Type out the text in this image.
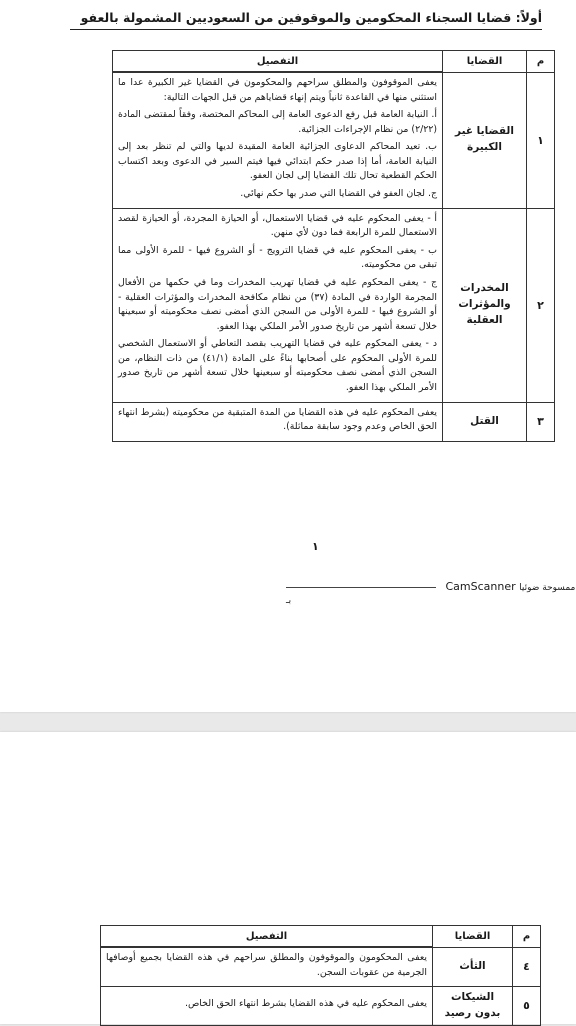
أولاً: قضايا السجناء المحكومين والموقوفين من السعوديين المشمولة بالعفو
م	القضايا	التفصيل
١	القضايا غير الكبيرة	يعفى الموقوفون والمطلق سراحهم والمحكومون في القضايا غير الكبيرة عدا ما استثني منها في القاعدة ثانياً ويتم إنهاء قضاياهم من قبل الجهات التالية:

أ. النيابة العامة قبل رفع الدعوى العامة إلى المحاكم المختصة، وفقاً لمقتضى المادة (٢/٢٢) من نظام الإجراءات الجزائية.

ب. تعيد المحاكم الدعاوى الجزائية العامة المقيدة لديها والتي لم تنظر بعد إلى النيابة العامة، أما إذا صدر حكم ابتدائي فيها فيتم السير في الدعوى وبعد اكتساب الحكم القطعية تحال تلك القضايا إلى لجان العفو.

ج. لجان العفو في القضايا التي صدر بها حكم نهائي.

٢	المخدرات والمؤثرات العقلية	أ - يعفى المحكوم عليه في قضايا الاستعمال، أو الحيازة المجردة، أو الحيازة لقصد الاستعمال للمرة الرابعة فما دون لأي منهن.

ب - يعفى المحكوم عليه في قضايا الترويج - أو الشروع فيها - للمرة الأولى مما تبقى من محكوميته.

ج - يعفى المحكوم عليه في قضايا تهريب المخدرات وما في حكمها من الأفعال المجرمة الواردة في المادة (٣٧) من نظام مكافحة المخدرات والمؤثرات العقلية - أو الشروع فيها - للمرة الأولى من السجن الذي أمضى نصف محكوميته أو سبعينها خلال تسعة أشهر من تاريخ صدور الأمر الملكي بهذا العفو.

د - يعفى المحكوم عليه في قضايا التهريب بقصد التعاطي أو الاستعمال الشخصي للمرة الأولى المحكوم على أصحابها بناءً على المادة (٤١/١) من ذات النظام، من السجن الذي أمضى نصف محكوميته أو سبعينها خلال تسعة أشهر من تاريخ صدور الأمر الملكي بهذا العفو.

٣	القتل	يعفى المحكوم عليه في هذه القضايا من المدة المتبقية من محكوميته (بشرط انتهاء الحق الخاص وعدم وجود سابقة مماثلة).

١
CamScanner ممسوحة ضوئيا بـ
م	القضايا	التفصيل
٤	الثأث	يعفى المحكومون والموقوفون والمطلق سراحهم في هذه القضايا بجميع أوصافها الجرمية من عقوبات السجن.

٥	الشيكات بدون رصيد	يعفى المحكوم عليه في هذه القضايا بشرط انتهاء الحق الخاص.
